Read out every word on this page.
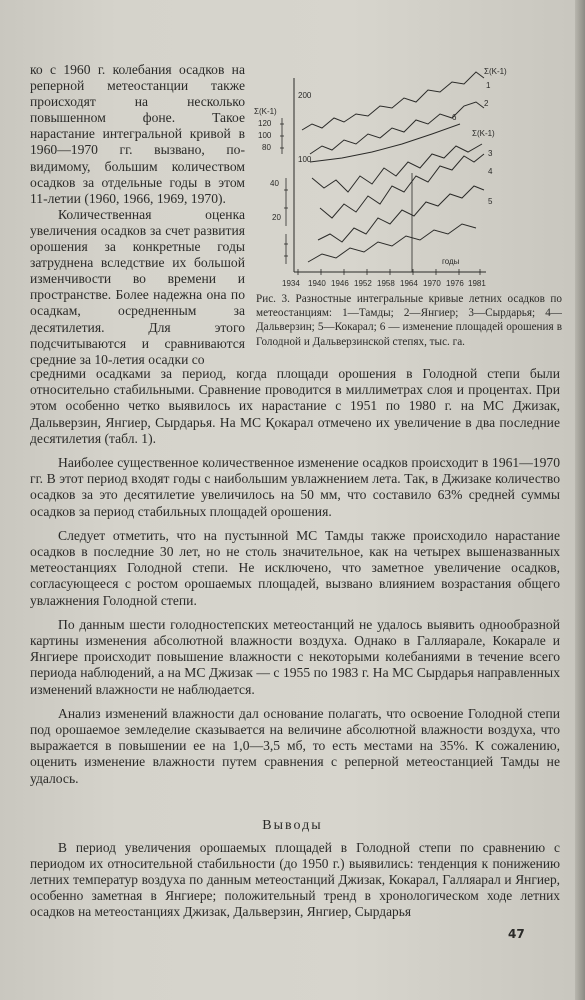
ко с 1960 г. колебания осадков на реперной метеостанции также происходят на несколько повышенном фоне. Такое нарастание интегральной кривой в 1960—1970 гг. вызвано, по-видимому, большим количеством осадков за отдельные годы в этом 11-летии (1960, 1966, 1969, 1970).

Количественная оценка увеличения осадков за счет развития орошения за конкретные годы затруднена вследствие их большой изменчивости во времени и пространстве. Более надежна она по осадкам, осредненным за десятилетия. Для этого подсчитываются и сравниваются средние за 10-летия осадки со

1934 1940 1946 1952 1958 1964 1970 1976 1981
годы
Σ(K-1)
Σ(K-1)
Σ(K-1)
120
100
80
200
100
40
20
1
2
3
4
5
6

Рис. 3. Разностные интегральные кривые летних осадков по метеостанциям: 1—Тамды; 2—Янгиер; 3—Сырдарья; 4—Дальверзин; 5—Кокарал; 6 — изменение площадей орошения в Голодной и Дальверзинской степях, тыс. га.

средними осадками за период, когда площади орошения в Голодной степи были относительно стабильными. Сравнение проводится в миллиметрах слоя и процентах. При этом особенно четко выявилось их нарастание с 1951 по 1980 г. на МС Джизак, Дальверзин, Янгиер, Сырдарья. На МС Қокарал отмечено их увеличение в два последние десятилетия (табл. 1).

Наиболее существенное количественное изменение осадков происходит в 1961—1970 гг. В этот период входят годы с наибольшим увлажнением лета. Так, в Джизаке количество осадков за это десятилетие увеличилось на 50 мм, что составило 63% средней суммы осадков за период стабильных площадей орошения.

Следует отметить, что на пустынной МС Тамды также происходило нарастание осадков в последние 30 лет, но не столь значительное, как на четырех вышеназванных метеостанциях Голодной степи. Не исключено, что заметное увеличение осадков, согласующееся с ростом орошаемых площадей, вызвано влиянием возрастания общего увлажнения Голодной степи.

По данным шести голодностепских метеостанций не удалось выявить однообразной картины изменения абсолютной влажности воздуха. Однако в Галляарале, Кокарале и Янгиере происходит повышение влажности с некоторыми колебаниями в течение всего периода наблюдений, а на МС Джизак — с 1955 по 1983 г. На МС Сырдарья направленных изменений влажности не наблюдается.

Анализ изменений влажности дал основание полагать, что освоение Голодной степи под орошаемое земледелие сказывается на величине абсолютной влажности воздуха, что выражается в повышении ее на 1,0—3,5 мб, то есть местами на 35%. К сожалению, оценить изменение влажности путем сравнения с реперной метеостанцией Тамды не удалось.

Выводы

В период увеличения орошаемых площадей в Голодной степи по сравнению с периодом их относительной стабильности (до 1950 г.) выявились: тенденция к понижению летних температур воздуха по данным метеостанций Джизак, Кокарал, Галляарал и Янгиер, особенно заметная в Янгиере; положительный тренд в хронологическом ходе летних осадков на метеостанциях Джизак, Дальверзин, Янгиер, Сырдарья

47
